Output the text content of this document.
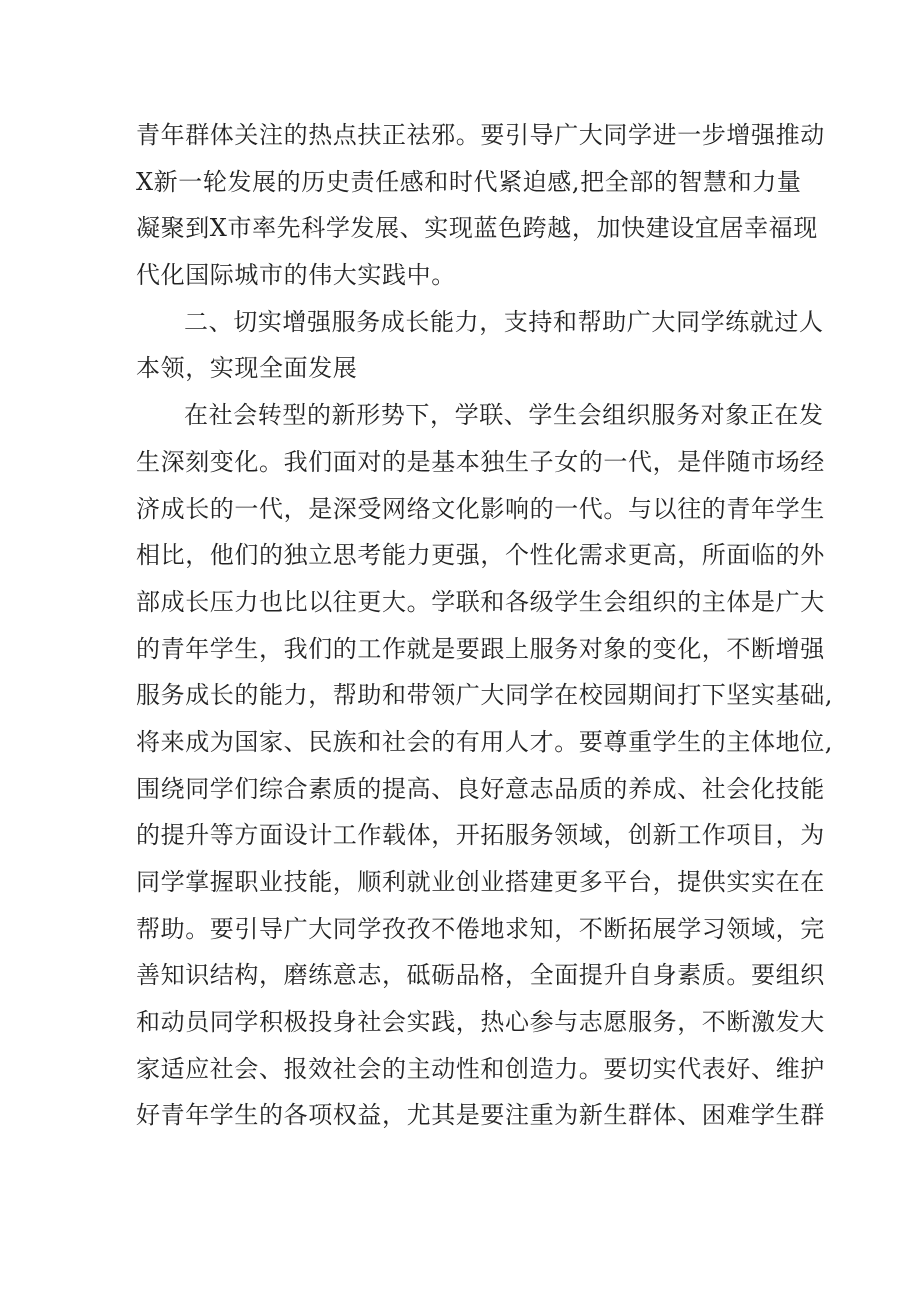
青年群体关注的热点扶正祛邪。要引导广大同学进一步增强推动
X新一轮发展的历史责任感和时代紧迫感,把全部的智慧和力量
凝聚到X市率先科学发展、实现蓝色跨越，加快建设宜居幸福现
代化国际城市的伟大实践中。
二、切实增强服务成长能力，支持和帮助广大同学练就过人
本领，实现全面发展
在社会转型的新形势下，学联、学生会组织服务对象正在发
生深刻变化。我们面对的是基本独生子女的一代，是伴随市场经
济成长的一代，是深受网络文化影响的一代。与以往的青年学生
相比，他们的独立思考能力更强，个性化需求更高，所面临的外
部成长压力也比以往更大。学联和各级学生会组织的主体是广大
的青年学生，我们的工作就是要跟上服务对象的变化，不断增强
服务成长的能力，帮助和带领广大同学在校园期间打下坚实基础,
将来成为国家、民族和社会的有用人才。要尊重学生的主体地位,
围绕同学们综合素质的提高、良好意志品质的养成、社会化技能
的提升等方面设计工作载体，开拓服务领域，创新工作项目，为
同学掌握职业技能，顺利就业创业搭建更多平台，提供实实在在
帮助。要引导广大同学孜孜不倦地求知，不断拓展学习领域，完
善知识结构，磨练意志，砥砺品格，全面提升自身素质。要组织
和动员同学积极投身社会实践，热心参与志愿服务，不断激发大
家适应社会、报效社会的主动性和创造力。要切实代表好、维护
好青年学生的各项权益，尤其是要注重为新生群体、困难学生群
